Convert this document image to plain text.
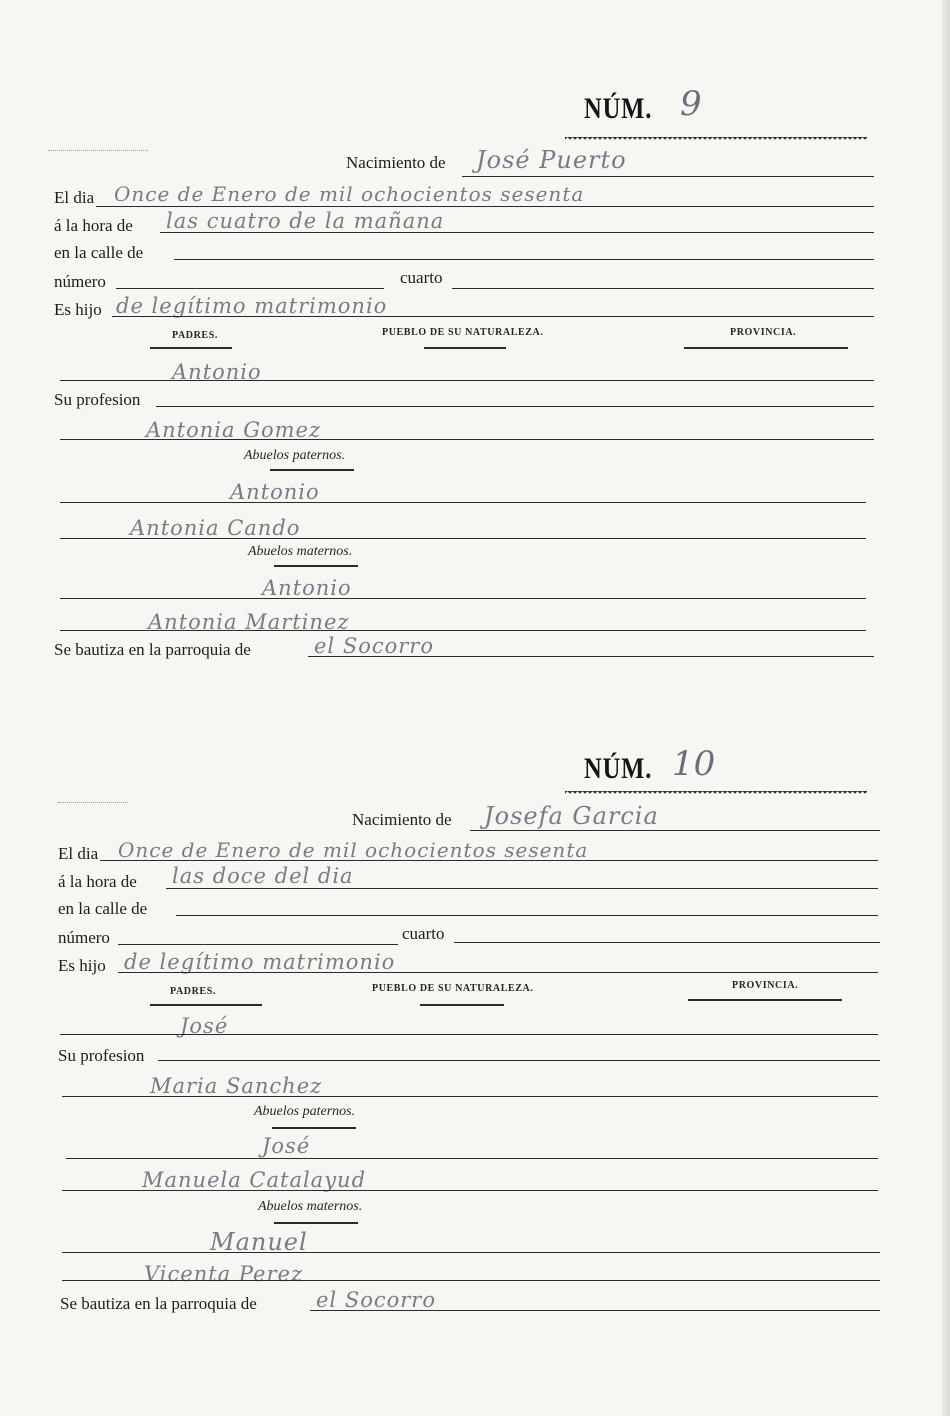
NÚM. 9
Nacimiento de José Puerto
El dia Once de Enero de mil ochocientos sesenta
á la hora de las cuatro de la mañana
en la calle de
número	cuarto
Es hijo de legítimo matrimonio
PADRES.	PUEBLO DE SU NATURALEZA.	PROVINCIA.
Antonio
Su profesion
Antonia Gomez
Abuelos paternos.
Antonio
Antonia Cando
Abuelos maternos.
Antonio
Antonia Martinez
Se bautiza en la parroquia de	el Socorro
NÚM. 10
Nacimiento de Josefa Garcia
El dia Once de Enero de mil ochocientos sesenta
á la hora de las doce del dia
en la calle de
número	cuarto
Es hijo de legítimo matrimonio
PADRES.	PUEBLO DE SU NATURALEZA.	PROVINCIA.
José
Su profesion
Maria Sanchez
Abuelos paternos.
José
Manuela Catalayud
Abuelos maternos.
Manuel
Vicenta Perez
Se bautiza en la parroquia de	el Socorro
